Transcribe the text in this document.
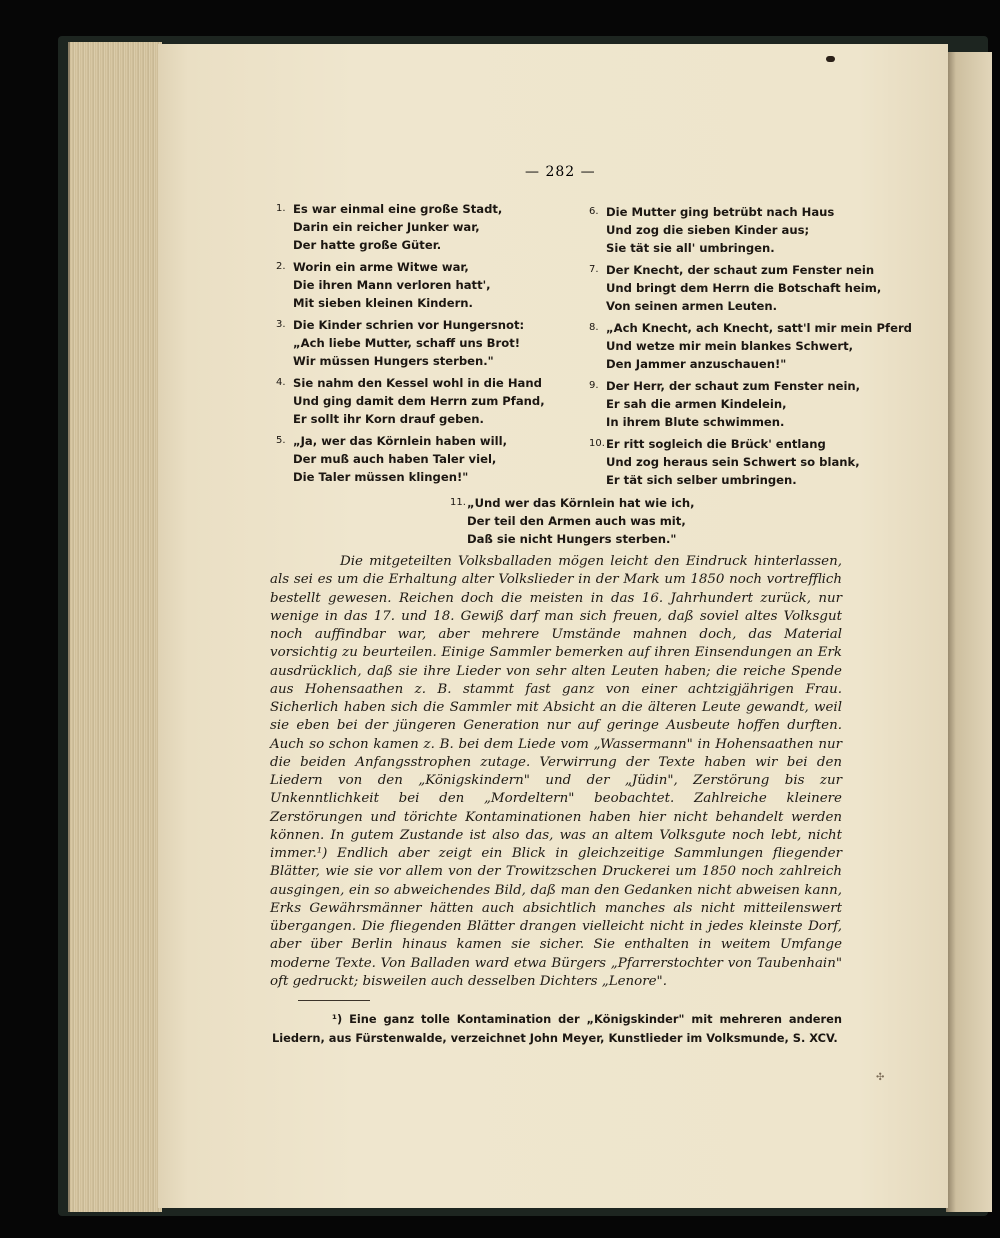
— 282 —
1. Es war einmal eine große Stadt,
Darin ein reicher Junker war,
Der hatte große Güter.
2. Worin ein arme Witwe war,
Die ihren Mann verloren hatt',
Mit sieben kleinen Kindern.
3. Die Kinder schrien vor Hungersnot:
„Ach liebe Mutter, schaff uns Brot!
Wir müssen Hungers sterben."
4. Sie nahm den Kessel wohl in die Hand
Und ging damit dem Herrn zum Pfand,
Er sollt ihr Korn drauf geben.
5. „Ja, wer das Körnlein haben will,
Der muß auch haben Taler viel,
Die Taler müssen klingen!"
6. Die Mutter ging betrübt nach Haus
Und zog die sieben Kinder aus;
Sie tät sie all' umbringen.
7. Der Knecht, der schaut zum Fenster nein
Und bringt dem Herrn die Botschaft heim,
Von seinen armen Leuten.
8. „Ach Knecht, ach Knecht, satt'l mir mein Pferd
Und wetze mir mein blankes Schwert,
Den Jammer anzuschauen!"
9. Der Herr, der schaut zum Fenster nein,
Er sah die armen Kindelein,
In ihrem Blute schwimmen.
10. Er ritt sogleich die Brück' entlang
Und zog heraus sein Schwert so blank,
Er tät sich selber umbringen.
11. „Und wer das Körnlein hat wie ich,
Der teil den Armen auch was mit,
Daß sie nicht Hungers sterben."

Die mitgeteilten Volksballaden mögen leicht den Eindruck hinterlassen, als sei es um die Erhaltung alter Volkslieder in der Mark um 1850 noch vortrefflich bestellt gewesen. Reichen doch die meisten in das 16. Jahrhundert zurück, nur wenige in das 17. und 18. Gewiß darf man sich freuen, daß soviel altes Volksgut noch auffindbar war, aber mehrere Umstände mahnen doch, das Material vorsichtig zu beurteilen. Einige Sammler bemerken auf ihren Einsendungen an Erk ausdrücklich, daß sie ihre Lieder von sehr alten Leuten haben; die reiche Spende aus Hohensaathen z. B. stammt fast ganz von einer achtzigjährigen Frau. Sicherlich haben sich die Sammler mit Absicht an die älteren Leute gewandt, weil sie eben bei der jüngeren Generation nur auf geringe Ausbeute hoffen durften. Auch so schon kamen z. B. bei dem Liede vom „Wassermann" in Hohensaathen nur die beiden Anfangsstrophen zutage. Verwirrung der Texte haben wir bei den Liedern von den „Königskindern" und der „Jüdin", Zerstörung bis zur Unkenntlichkeit bei den „Mordeltern" beobachtet. Zahlreiche kleinere Zerstörungen und törichte Kontaminationen haben hier nicht behandelt werden können. In gutem Zustande ist also das, was an altem Volksgute noch lebt, nicht immer.¹) Endlich aber zeigt ein Blick in gleichzeitige Sammlungen fliegender Blätter, wie sie vor allem von der Trowitzschen Druckerei um 1850 noch zahlreich ausgingen, ein so abweichendes Bild, daß man den Gedanken nicht abweisen kann, Erks Gewährsmänner hätten auch absichtlich manches als nicht mitteilenswert übergangen. Die fliegenden Blätter drangen vielleicht nicht in jedes kleinste Dorf, aber über Berlin hinaus kamen sie sicher. Sie enthalten in weitem Umfange moderne Texte. Von Balladen ward etwa Bürgers „Pfarrerstochter von Taubenhain" oft gedruckt; bisweilen auch desselben Dichters „Lenore".

¹) Eine ganz tolle Kontamination der „Königskinder" mit mehreren anderen Liedern, aus Fürstenwalde, verzeichnet John Meyer, Kunstlieder im Volksmunde, S. XCV.
✣
